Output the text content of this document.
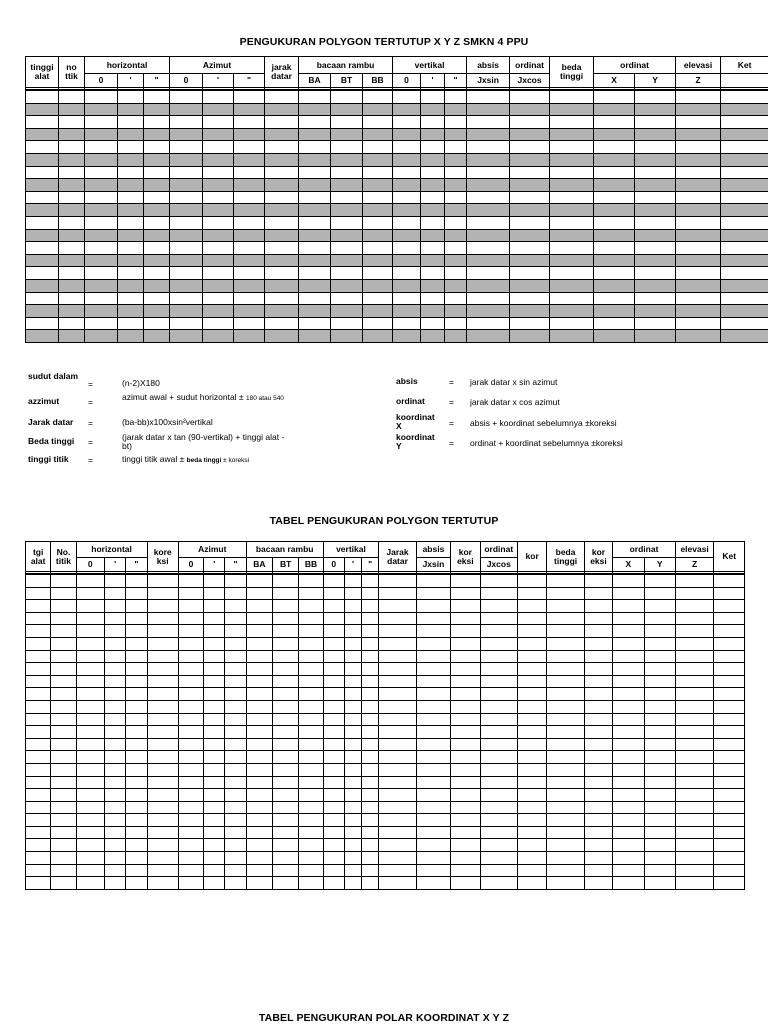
PENGUKURAN POLYGON TERTUTUP X Y Z SMKN 4 PPU
tinggi alat	no ttik	horizontal			Azimut			jarak datar	bacaan rambu			vertikal			absis	ordinat	beda tinggi	ordinat		elevasi	Ket
		0	'	"	0	'	"		BA	BT	BB	0	'	"	Jxsin	Jxcos		X	Y	Z	

sudut dalam
=	(n-2)X180
azzimut	=	azimut awal + sudut horizontal ± 180 atau 540
Jarak datar	=	(ba-bb)x100xsin²vertikal
Beda tinggi	=	(jarak datar x tan (90-vertikal) + tinggi alat - bt)
tinggi titik	=	tinggi titik awal ± beda tinggi ± koreksi
absis	=	jarak datar x sin azimut
ordinat	=	jarak datar x cos azimut
koordinat X	=	absis + koordinat sebelumnya ±koreksi
koordinat Y	=	ordinat + koordinat sebelumnya ±koreksi
TABEL PENGUKURAN POLYGON TERTUTUP
tgi alat	No. titik	horizontal			kore ksi	Azimut			bacaan rambu			vertikal			Jarak datar	absis	kor eksi	ordinat	kor	beda tinggi	kor eksi	ordinat		elevasi	Ket
		0	'	"		0	'	"	BA	BT	BB	0	'	"		Jxsin		Jxcos				X	Y	Z	

TABEL PENGUKURAN POLAR KOORDINAT X Y Z
